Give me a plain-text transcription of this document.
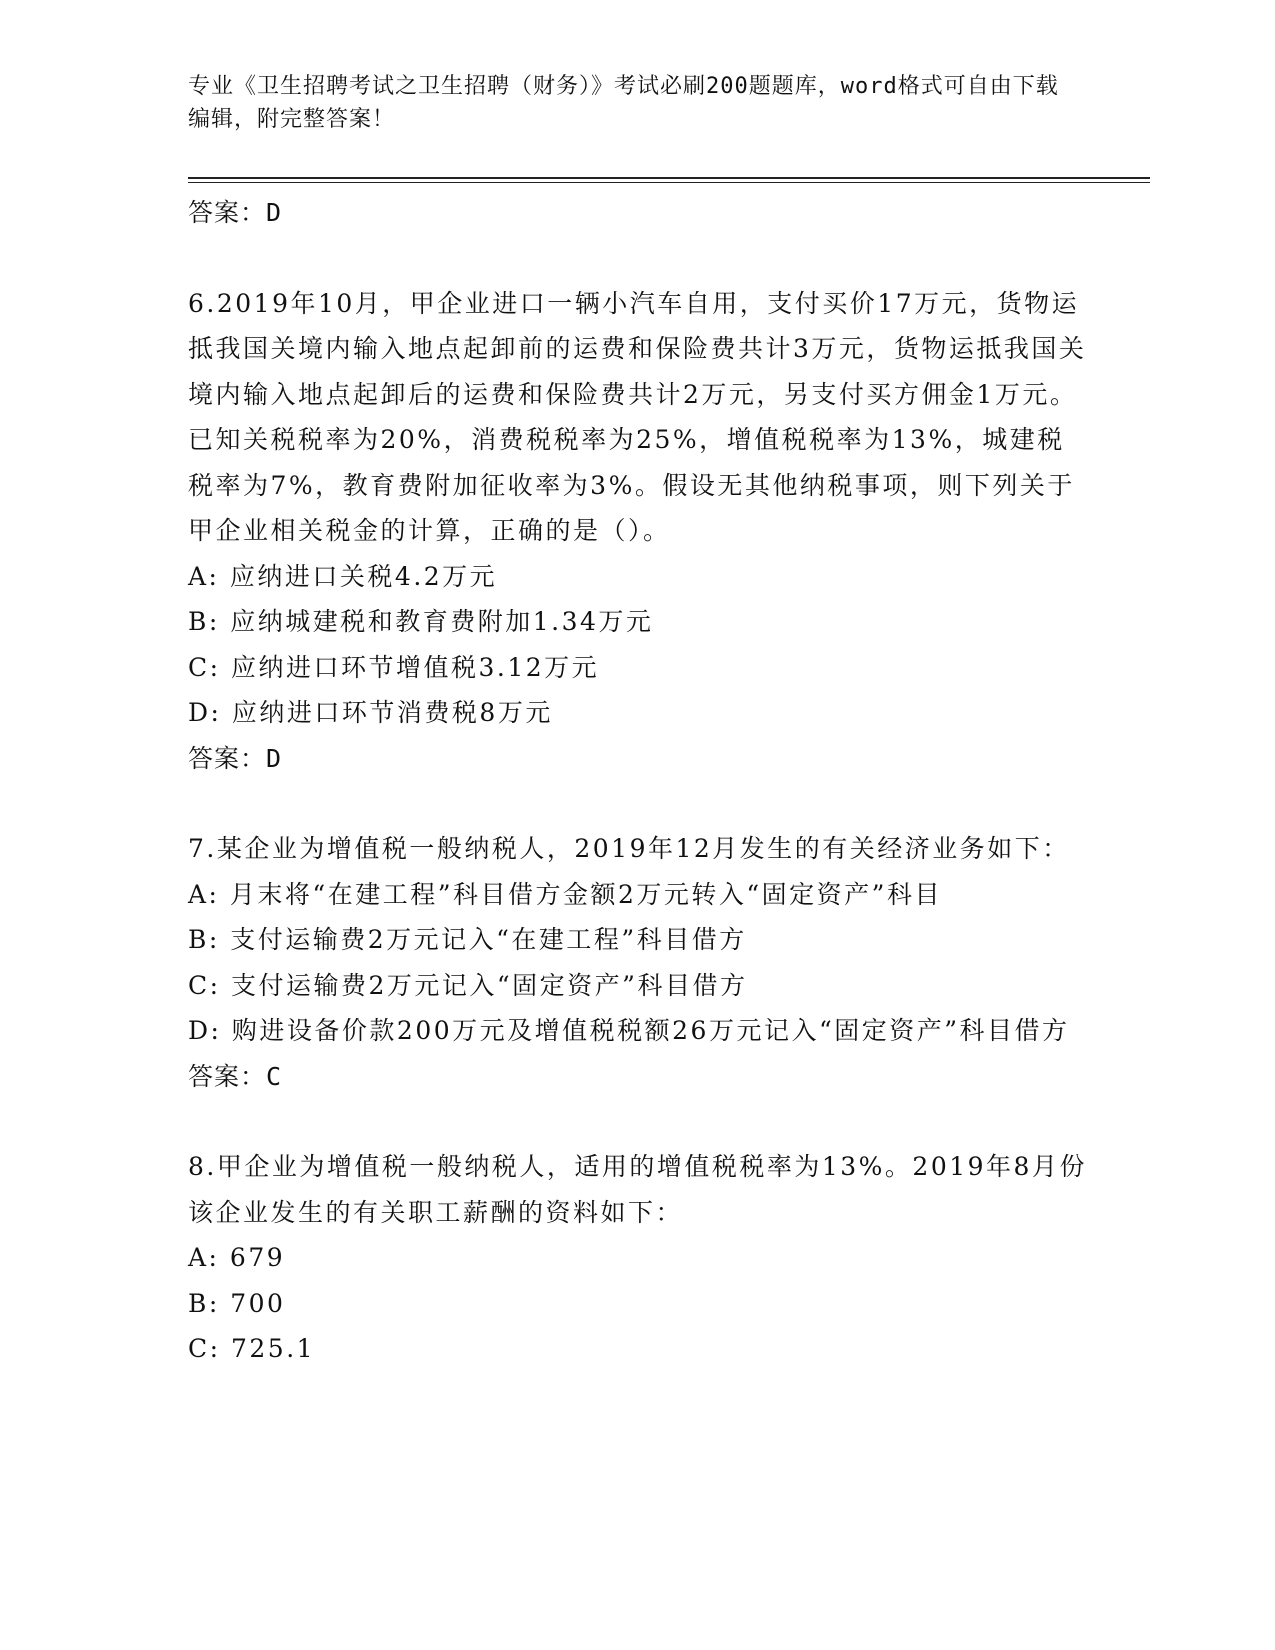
专业《卫生招聘考试之卫生招聘（财务）》考试必刷200题题库，word格式可自由下载编辑，附完整答案！

答案：D

6.2019年10月，甲企业进口一辆小汽车自用，支付买价17万元，货物运抵我国关境内输入地点起卸前的运费和保险费共计3万元，货物运抵我国关境内输入地点起卸后的运费和保险费共计2万元，另支付买方佣金1万元。已知关税税率为20%，消费税税率为25%，增值税税率为13%，城建税税率为7%，教育费附加征收率为3%。假设无其他纳税事项，则下列关于甲企业相关税金的计算，正确的是（）。

A: 应纳进口关税4.2万元

B: 应纳城建税和教育费附加1.34万元

C: 应纳进口环节增值税3.12万元

D: 应纳进口环节消费税8万元

答案：D

7.某企业为增值税一般纳税人，2019年12月发生的有关经济业务如下：

A: 月末将“在建工程”科目借方金额2万元转入“固定资产”科目

B: 支付运输费2万元记入“在建工程”科目借方

C: 支付运输费2万元记入“固定资产”科目借方

D: 购进设备价款200万元及增值税税额26万元记入“固定资产”科目借方

答案：C

8.甲企业为增值税一般纳税人，适用的增值税税率为13%。2019年8月份该企业发生的有关职工薪酬的资料如下：

A: 679

B: 700

C: 725.1
